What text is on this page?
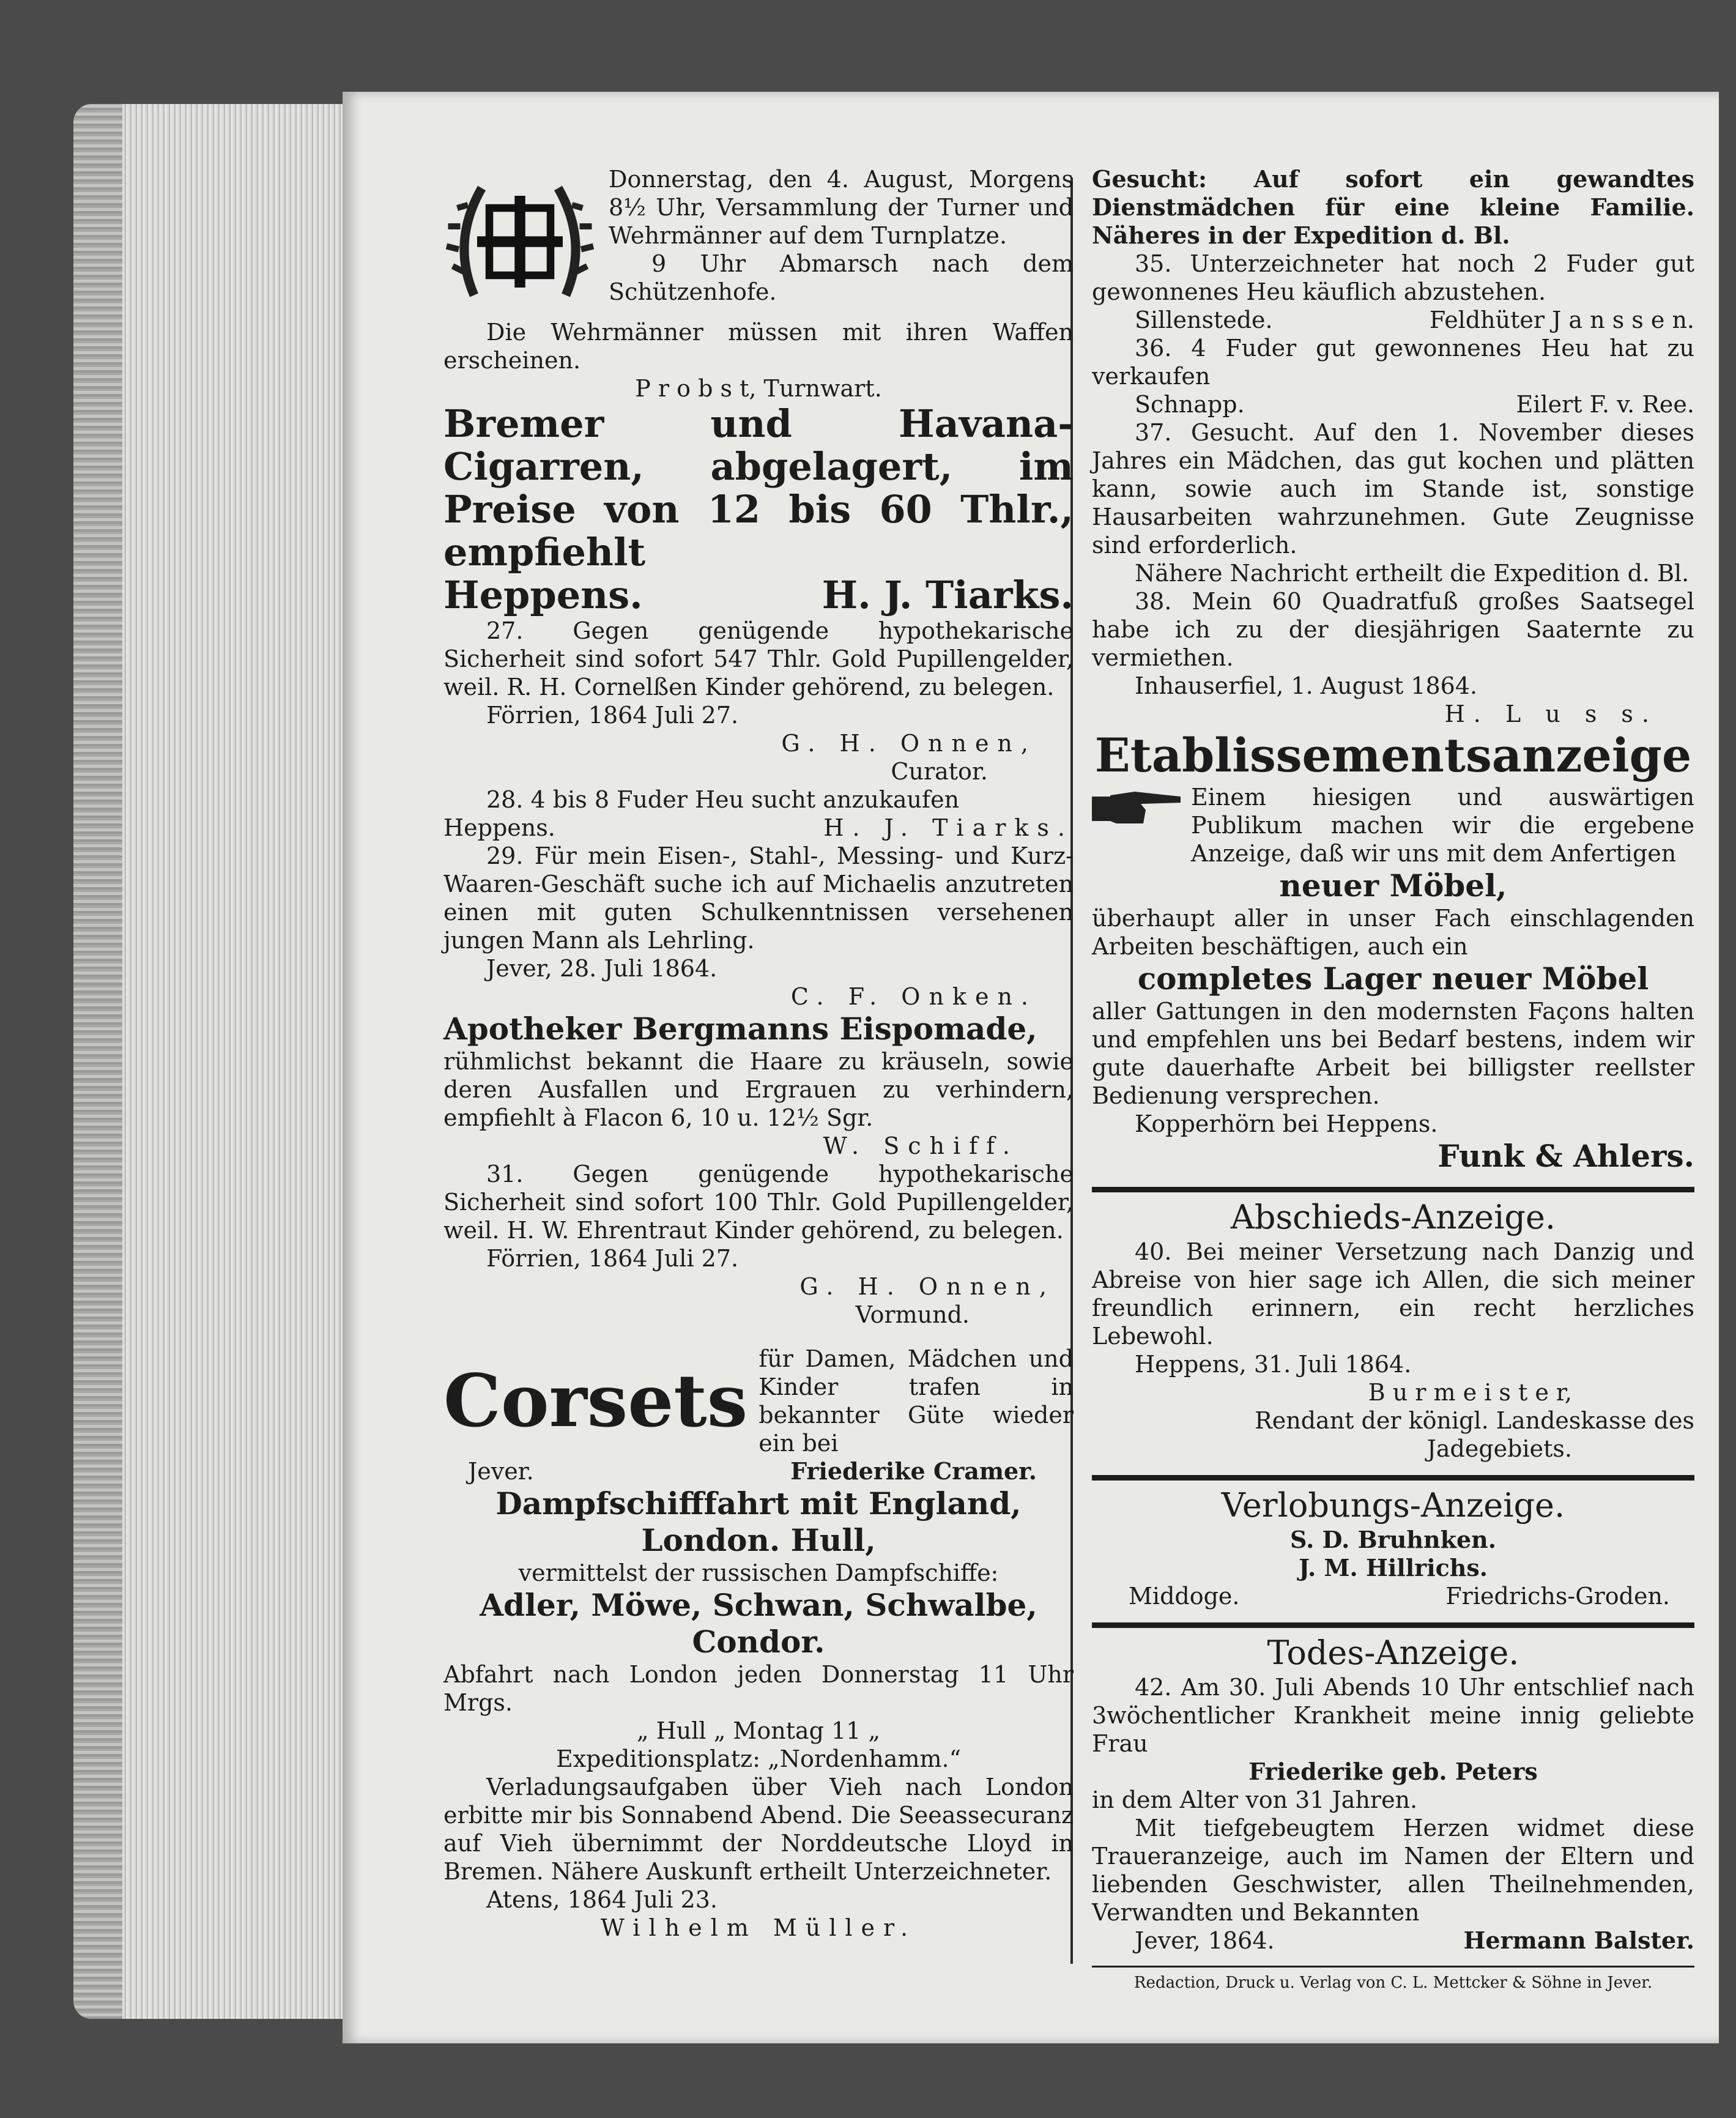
Donnerstag, den 4. August, Morgens 8½ Uhr, Versammlung der Turner und Wehrmänner auf dem Turnplatze.

9 Uhr Abmarsch nach dem Schützenhofe.

Die Wehrmänner müssen mit ihren Waffen erscheinen.

P r o b s t, Turnwart.

Bremer und Havana-Cigarren, abgelagert, im Preise von 12 bis 60 Thlr., empfiehlt

Heppens.	H. J. Tiarks.

27. Gegen genügende hypothekarische Sicherheit sind sofort 547 Thlr. Gold Pupillengelder, weil. R. H. Cornelßen Kinder gehörend, zu belegen.

Förrien, 1864 Juli 27.

G. H. Onnen,

Curator.

28. 4 bis 8 Fuder Heu sucht anzukaufen

Heppens.	H. J. Tiarks.

29. Für mein Eisen-, Stahl-, Messing- und Kurz-Waaren-Geschäft suche ich auf Michaelis anzutreten einen mit guten Schulkenntnissen versehenen jungen Mann als Lehrling.

Jever, 28. Juli 1864.

C. F. Onken.

Apotheker Bergmanns Eispomade,

rühmlichst bekannt die Haare zu kräuseln, sowie deren Ausfallen und Ergrauen zu verhindern, empfiehlt à Flacon 6, 10 u. 12½ Sgr.

W. Schiff.

31. Gegen genügende hypothekarische Sicherheit sind sofort 100 Thlr. Gold Pupillengelder, weil. H. W. Ehrentraut Kinder gehörend, zu belegen.

Förrien, 1864 Juli 27.

G. H. Onnen,

Vormund.

Corsets für Damen, Mädchen und Kinder trafen in bekannter Güte wieder ein bei

Jever.	Friederike Cramer.

Dampfschifffahrt mit England,

London. Hull,

vermittelst der russischen Dampfschiffe:

Adler, Möwe, Schwan, Schwalbe,

Condor.

Abfahrt nach London jeden Donnerstag 11 Uhr Mrgs.

„ Hull „ Montag 11 „

Expeditionsplatz: „Nordenhamm.“

Verladungsaufgaben über Vieh nach London erbitte mir bis Sonnabend Abend. Die Seeassecuranz auf Vieh übernimmt der Norddeutsche Lloyd in Bremen. Nähere Auskunft ertheilt Unterzeichneter.

Atens, 1864 Juli 23.

Wilhelm Müller.

Gesucht: Auf sofort ein gewandtes Dienstmädchen für eine kleine Familie. Näheres in der Expedition d. Bl.

35. Unterzeichneter hat noch 2 Fuder gut gewonnenes Heu käuflich abzustehen.

Sillenstede.	Feldhüter J a n s s e n.

36. 4 Fuder gut gewonnenes Heu hat zu verkaufen

Schnapp.	Eilert F. v. Ree.

37. Gesucht. Auf den 1. November dieses Jahres ein Mädchen, das gut kochen und plätten kann, sowie auch im Stande ist, sonstige Hausarbeiten wahrzunehmen. Gute Zeugnisse sind erforderlich.

Nähere Nachricht ertheilt die Expedition d. Bl.

38. Mein 60 Quadratfuß großes Saatsegel habe ich zu der diesjährigen Saaternte zu vermiethen.

Inhauserfiel, 1. August 1864.

H. L u s s.

Etablissementsanzeige

Einem hiesigen und auswärtigen Publikum machen wir die ergebene Anzeige, daß wir uns mit dem Anfertigen

neuer Möbel,

überhaupt aller in unser Fach einschlagenden Arbeiten beschäftigen, auch ein

completes Lager neuer Möbel

aller Gattungen in den modernsten Façons halten und empfehlen uns bei Bedarf bestens, indem wir gute dauerhafte Arbeit bei billigster reellster Bedienung versprechen.

Kopperhörn bei Heppens.

Funk & Ahlers.

Abschieds-Anzeige.

40. Bei meiner Versetzung nach Danzig und Abreise von hier sage ich Allen, die sich meiner freundlich erinnern, ein recht herzliches Lebewohl.

Heppens, 31. Juli 1864.

B u r m e i s t e r,

Rendant der königl. Landeskasse des

Jadegebiets.

Verlobungs-Anzeige.

S. D. Bruhnken.

J. M. Hillrichs.

Middoge.	Friedrichs-Groden.

Todes-Anzeige.

42. Am 30. Juli Abends 10 Uhr entschlief nach 3wöchentlicher Krankheit meine innig geliebte Frau

Friederike geb. Peters

in dem Alter von 31 Jahren.

Mit tiefgebeugtem Herzen widmet diese Traueranzeige, auch im Namen der Eltern und liebenden Geschwister, allen Theilnehmenden, Verwandten und Bekannten

Jever, 1864.	Hermann Balster.

Redaction, Druck u. Verlag von C. L. Mettcker & Söhne in Jever.
